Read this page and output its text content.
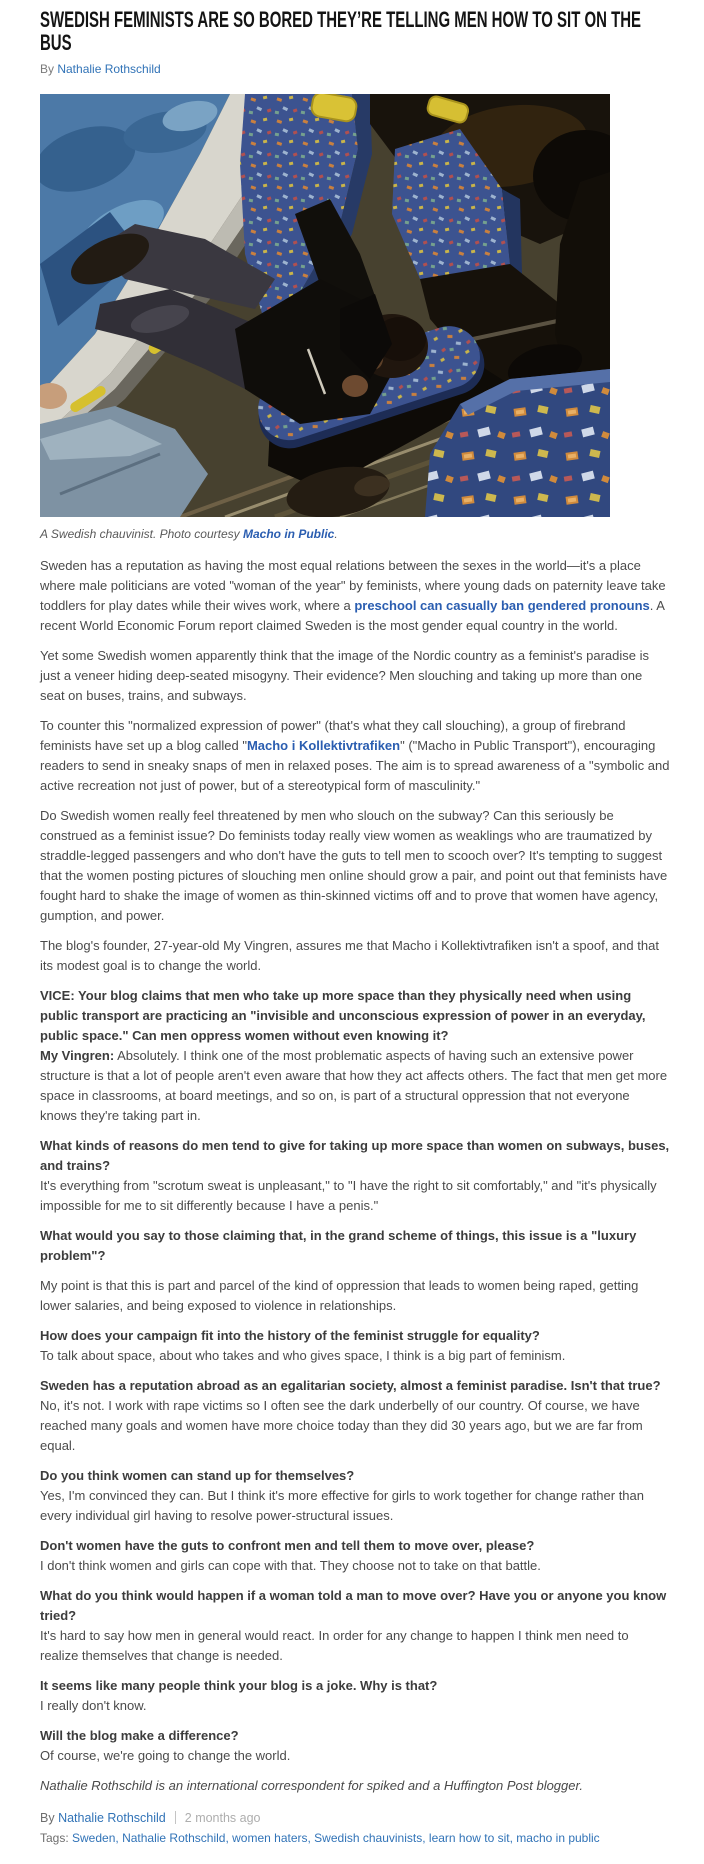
SWEDISH FEMINISTS ARE SO BORED THEY’RE TELLING MEN HOW TO SIT ON THE BUS
By Nathalie Rothschild
A Swedish chauvinist. Photo courtesy Macho in Public.

Sweden has a reputation as having the most equal relations between the sexes in the world—it's a place where male politicians are voted "woman of the year" by feminists, where young dads on paternity leave take toddlers for play dates while their wives work, where a preschool can casually ban gendered pronouns. A recent World Economic Forum report claimed Sweden is the most gender equal country in the world.

Yet some Swedish women apparently think that the image of the Nordic country as a feminist's paradise is just a veneer hiding deep-seated misogyny. Their evidence? Men slouching and taking up more than one seat on buses, trains, and subways.

To counter this "normalized expression of power" (that's what they call slouching), a group of firebrand feminists have set up a blog called "Macho i Kollektivtrafiken" ("Macho in Public Transport"), encouraging readers to send in sneaky snaps of men in relaxed poses. The aim is to spread awareness of a "symbolic and active recreation not just of power, but of a stereotypical form of masculinity."

Do Swedish women really feel threatened by men who slouch on the subway? Can this seriously be construed as a feminist issue? Do feminists today really view women as weaklings who are traumatized by straddle-legged passengers and who don't have the guts to tell men to scooch over? It's tempting to suggest that the women posting pictures of slouching men online should grow a pair, and point out that feminists have fought hard to shake the image of women as thin-skinned victims off and to prove that women have agency, gumption, and power.

The blog's founder, 27-year-old My Vingren, assures me that Macho i Kollektivtrafiken isn't a spoof, and that its modest goal is to change the world.

VICE: Your blog claims that men who take up more space than they physically need when using public transport are practicing an "invisible and unconscious expression of power in an everyday, public space." Can men oppress women without even knowing it?

My Vingren: Absolutely. I think one of the most problematic aspects of having such an extensive power structure is that a lot of people aren't even aware that how they act affects others. The fact that men get more space in classrooms, at board meetings, and so on, is part of a structural oppression that not everyone knows they're taking part in.

What kinds of reasons do men tend to give for taking up more space than women on subways, buses, and trains?

It's everything from "scrotum sweat is unpleasant," to "I have the right to sit comfortably," and "it's physically impossible for me to sit differently because I have a penis."

What would you say to those claiming that, in the grand scheme of things, this issue is a "luxury problem"?

My point is that this is part and parcel of the kind of oppression that leads to women being raped, getting lower salaries, and being exposed to violence in relationships.

How does your campaign fit into the history of the feminist struggle for equality?

To talk about space, about who takes and who gives space, I think is a big part of feminism.

Sweden has a reputation abroad as an egalitarian society, almost a feminist paradise. Isn't that true?

No, it's not. I work with rape victims so I often see the dark underbelly of our country. Of course, we have reached many goals and women have more choice today than they did 30 years ago, but we are far from equal.

Do you think women can stand up for themselves?

Yes, I'm convinced they can. But I think it's more effective for girls to work together for change rather than every individual girl having to resolve power-structural issues.

Don't women have the guts to confront men and tell them to move over, please?

I don't think women and girls can cope with that. They choose not to take on that battle.

What do you think would happen if a woman told a man to move over? Have you or anyone you know tried?

It's hard to say how men in general would react. In order for any change to happen I think men need to realize themselves that change is needed.

It seems like many people think your blog is a joke. Why is that?

I really don't know.

Will the blog make a difference?

Of course, we're going to change the world.

Nathalie Rothschild is an international correspondent for spiked and a Huffington Post blogger.

By Nathalie Rothschild 2 months ago
Tags: Sweden, Nathalie Rothschild, women haters, Swedish chauvinists, learn how to sit, macho in public
